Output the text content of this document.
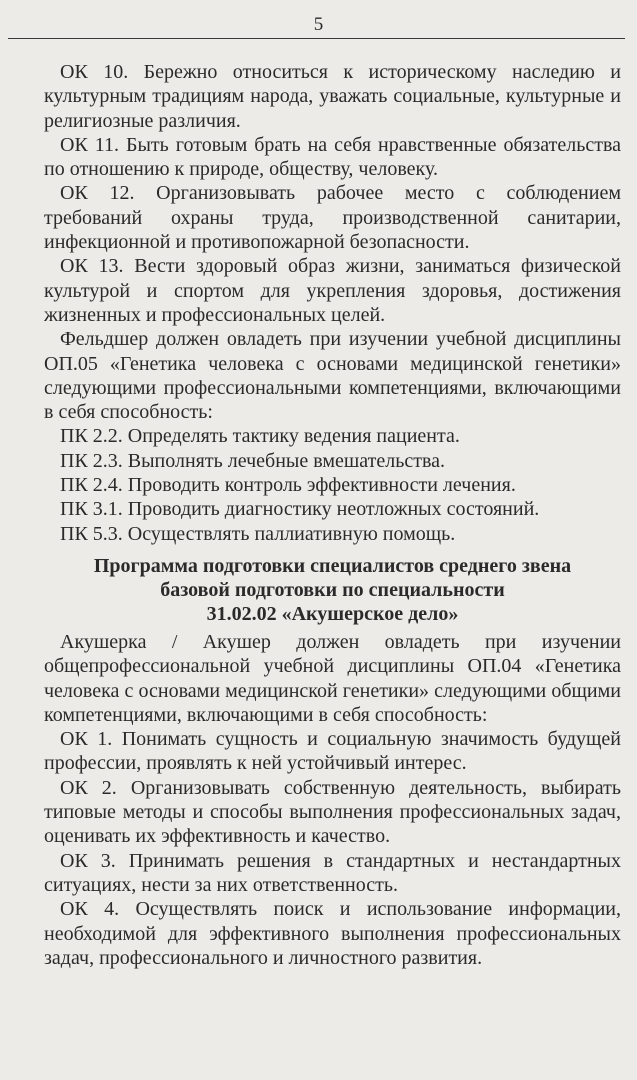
5

ОК 10. Бережно относиться к историческому наследию и культурным традициям народа, уважать социальные, культурные и религиозные различия.

ОК 11. Быть готовым брать на себя нравственные обязательства по отношению к природе, обществу, человеку.

ОК 12. Организовывать рабочее место с соблюдением требований охраны труда, производственной санитарии, инфекционной и противопожарной безопасности.

ОК 13. Вести здоровый образ жизни, заниматься физической культурой и спортом для укрепления здоровья, достижения жизненных и профессиональных целей.

Фельдшер должен овладеть при изучении учебной дисциплины ОП.05 «Генетика человека с основами медицинской генетики» следующими профессиональными компетенциями, включающими в себя способность:

ПК 2.2. Определять тактику ведения пациента.

ПК 2.3. Выполнять лечебные вмешательства.

ПК 2.4. Проводить контроль эффективности лечения.

ПК 3.1. Проводить диагностику неотложных состояний.

ПК 5.3. Осуществлять паллиативную помощь.

Программа подготовки специалистов среднего звена
базовой подготовки по специальности
31.02.02 «Акушерское дело»

Акушерка / Акушер должен овладеть при изучении общепрофессиональной учебной дисциплины ОП.04 «Генетика человека с основами медицинской генетики» следующими общими компетенциями, включающими в себя способность:

ОК 1. Понимать сущность и социальную значимость будущей профессии, проявлять к ней устойчивый интерес.

ОК 2. Организовывать собственную деятельность, выбирать типовые методы и способы выполнения профессиональных задач, оценивать их эффективность и качество.

ОК 3. Принимать решения в стандартных и нестандартных ситуациях, нести за них ответственность.

ОК 4. Осуществлять поиск и использование информации, необходимой для эффективного выполнения профессиональных задач, профессионального и личностного развития.
